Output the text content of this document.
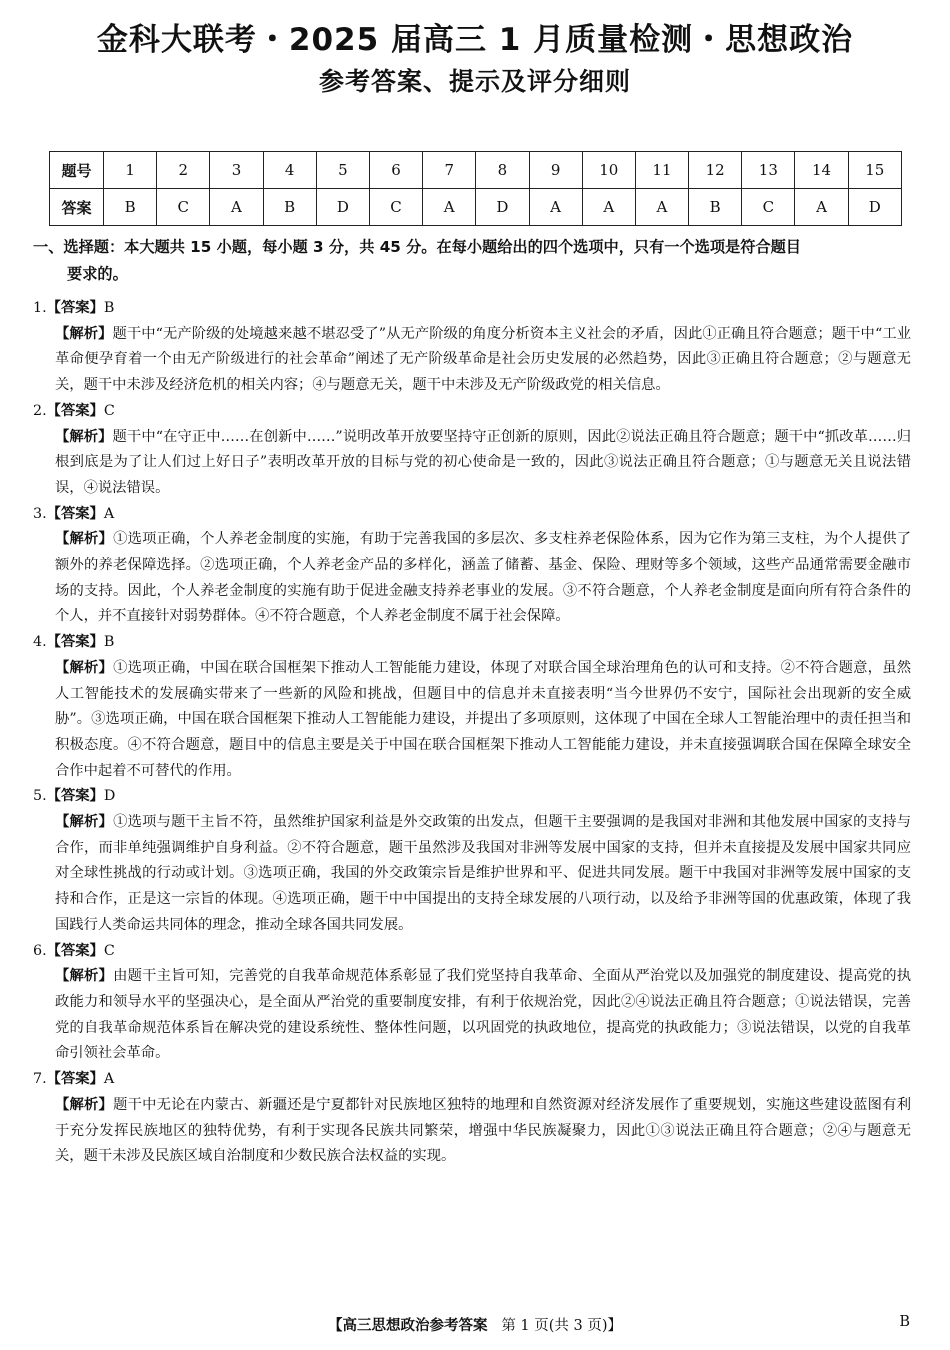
金科大联考・2025 届高三 1 月质量检测・思想政治
参考答案、提示及评分细则
题号	1	2	3	4	5	6	7	8	9	10	11	12	13	14	15
答案	B	C	A	B	D	C	A	D	A	A	A	B	C	A	D
一、选择题：本大题共 15 小题，每小题 3 分，共 45 分。在每小题给出的四个选项中，只有一个选项是符合题目
要求的。
1.【答案】B
【解析】题干中“无产阶级的处境越来越不堪忍受了”从无产阶级的角度分析资本主义社会的矛盾，因此①正确且符合题意；题干中“工业革命便孕育着一个由无产阶级进行的社会革命”阐述了无产阶级革命是社会历史发展的必然趋势，因此③正确且符合题意；②与题意无关，题干中未涉及经济危机的相关内容；④与题意无关，题干中未涉及无产阶级政党的相关信息。
2.【答案】C
【解析】题干中“在守正中……在创新中……”说明改革开放要坚持守正创新的原则，因此②说法正确且符合题意；题干中“抓改革……归根到底是为了让人们过上好日子”表明改革开放的目标与党的初心使命是一致的，因此③说法正确且符合题意；①与题意无关且说法错误，④说法错误。
3.【答案】A
【解析】①选项正确，个人养老金制度的实施，有助于完善我国的多层次、多支柱养老保险体系，因为它作为第三支柱，为个人提供了额外的养老保障选择。②选项正确，个人养老金产品的多样化，涵盖了储蓄、基金、保险、理财等多个领域，这些产品通常需要金融市场的支持。因此，个人养老金制度的实施有助于促进金融支持养老事业的发展。③不符合题意，个人养老金制度是面向所有符合条件的个人，并不直接针对弱势群体。④不符合题意，个人养老金制度不属于社会保障。
4.【答案】B
【解析】①选项正确，中国在联合国框架下推动人工智能能力建设，体现了对联合国全球治理角色的认可和支持。②不符合题意，虽然人工智能技术的发展确实带来了一些新的风险和挑战，但题目中的信息并未直接表明“当今世界仍不安宁，国际社会出现新的安全威胁”。③选项正确，中国在联合国框架下推动人工智能能力建设，并提出了多项原则，这体现了中国在全球人工智能治理中的责任担当和积极态度。④不符合题意，题目中的信息主要是关于中国在联合国框架下推动人工智能能力建设，并未直接强调联合国在保障全球安全合作中起着不可替代的作用。
5.【答案】D
【解析】①选项与题干主旨不符，虽然维护国家利益是外交政策的出发点，但题干主要强调的是我国对非洲和其他发展中国家的支持与合作，而非单纯强调维护自身利益。②不符合题意，题干虽然涉及我国对非洲等发展中国家的支持，但并未直接提及发展中国家共同应对全球性挑战的行动或计划。③选项正确，我国的外交政策宗旨是维护世界和平、促进共同发展。题干中我国对非洲等发展中国家的支持和合作，正是这一宗旨的体现。④选项正确，题干中中国提出的支持全球发展的八项行动，以及给予非洲等国的优惠政策，体现了我国践行人类命运共同体的理念，推动全球各国共同发展。
6.【答案】C
【解析】由题干主旨可知，完善党的自我革命规范体系彰显了我们党坚持自我革命、全面从严治党以及加强党的制度建设、提高党的执政能力和领导水平的坚强决心，是全面从严治党的重要制度安排，有利于依规治党，因此②④说法正确且符合题意；①说法错误，完善党的自我革命规范体系旨在解决党的建设系统性、整体性问题，以巩固党的执政地位，提高党的执政能力；③说法错误，以党的自我革命引领社会革命。
7.【答案】A
【解析】题干中无论在内蒙古、新疆还是宁夏都针对民族地区独特的地理和自然资源对经济发展作了重要规划，实施这些建设蓝图有利于充分发挥民族地区的独特优势，有利于实现各民族共同繁荣，增强中华民族凝聚力，因此①③说法正确且符合题意；②④与题意无关，题干未涉及民族区域自治制度和少数民族合法权益的实现。
【高三思想政治参考答案 第 1 页(共 3 页)】	B
